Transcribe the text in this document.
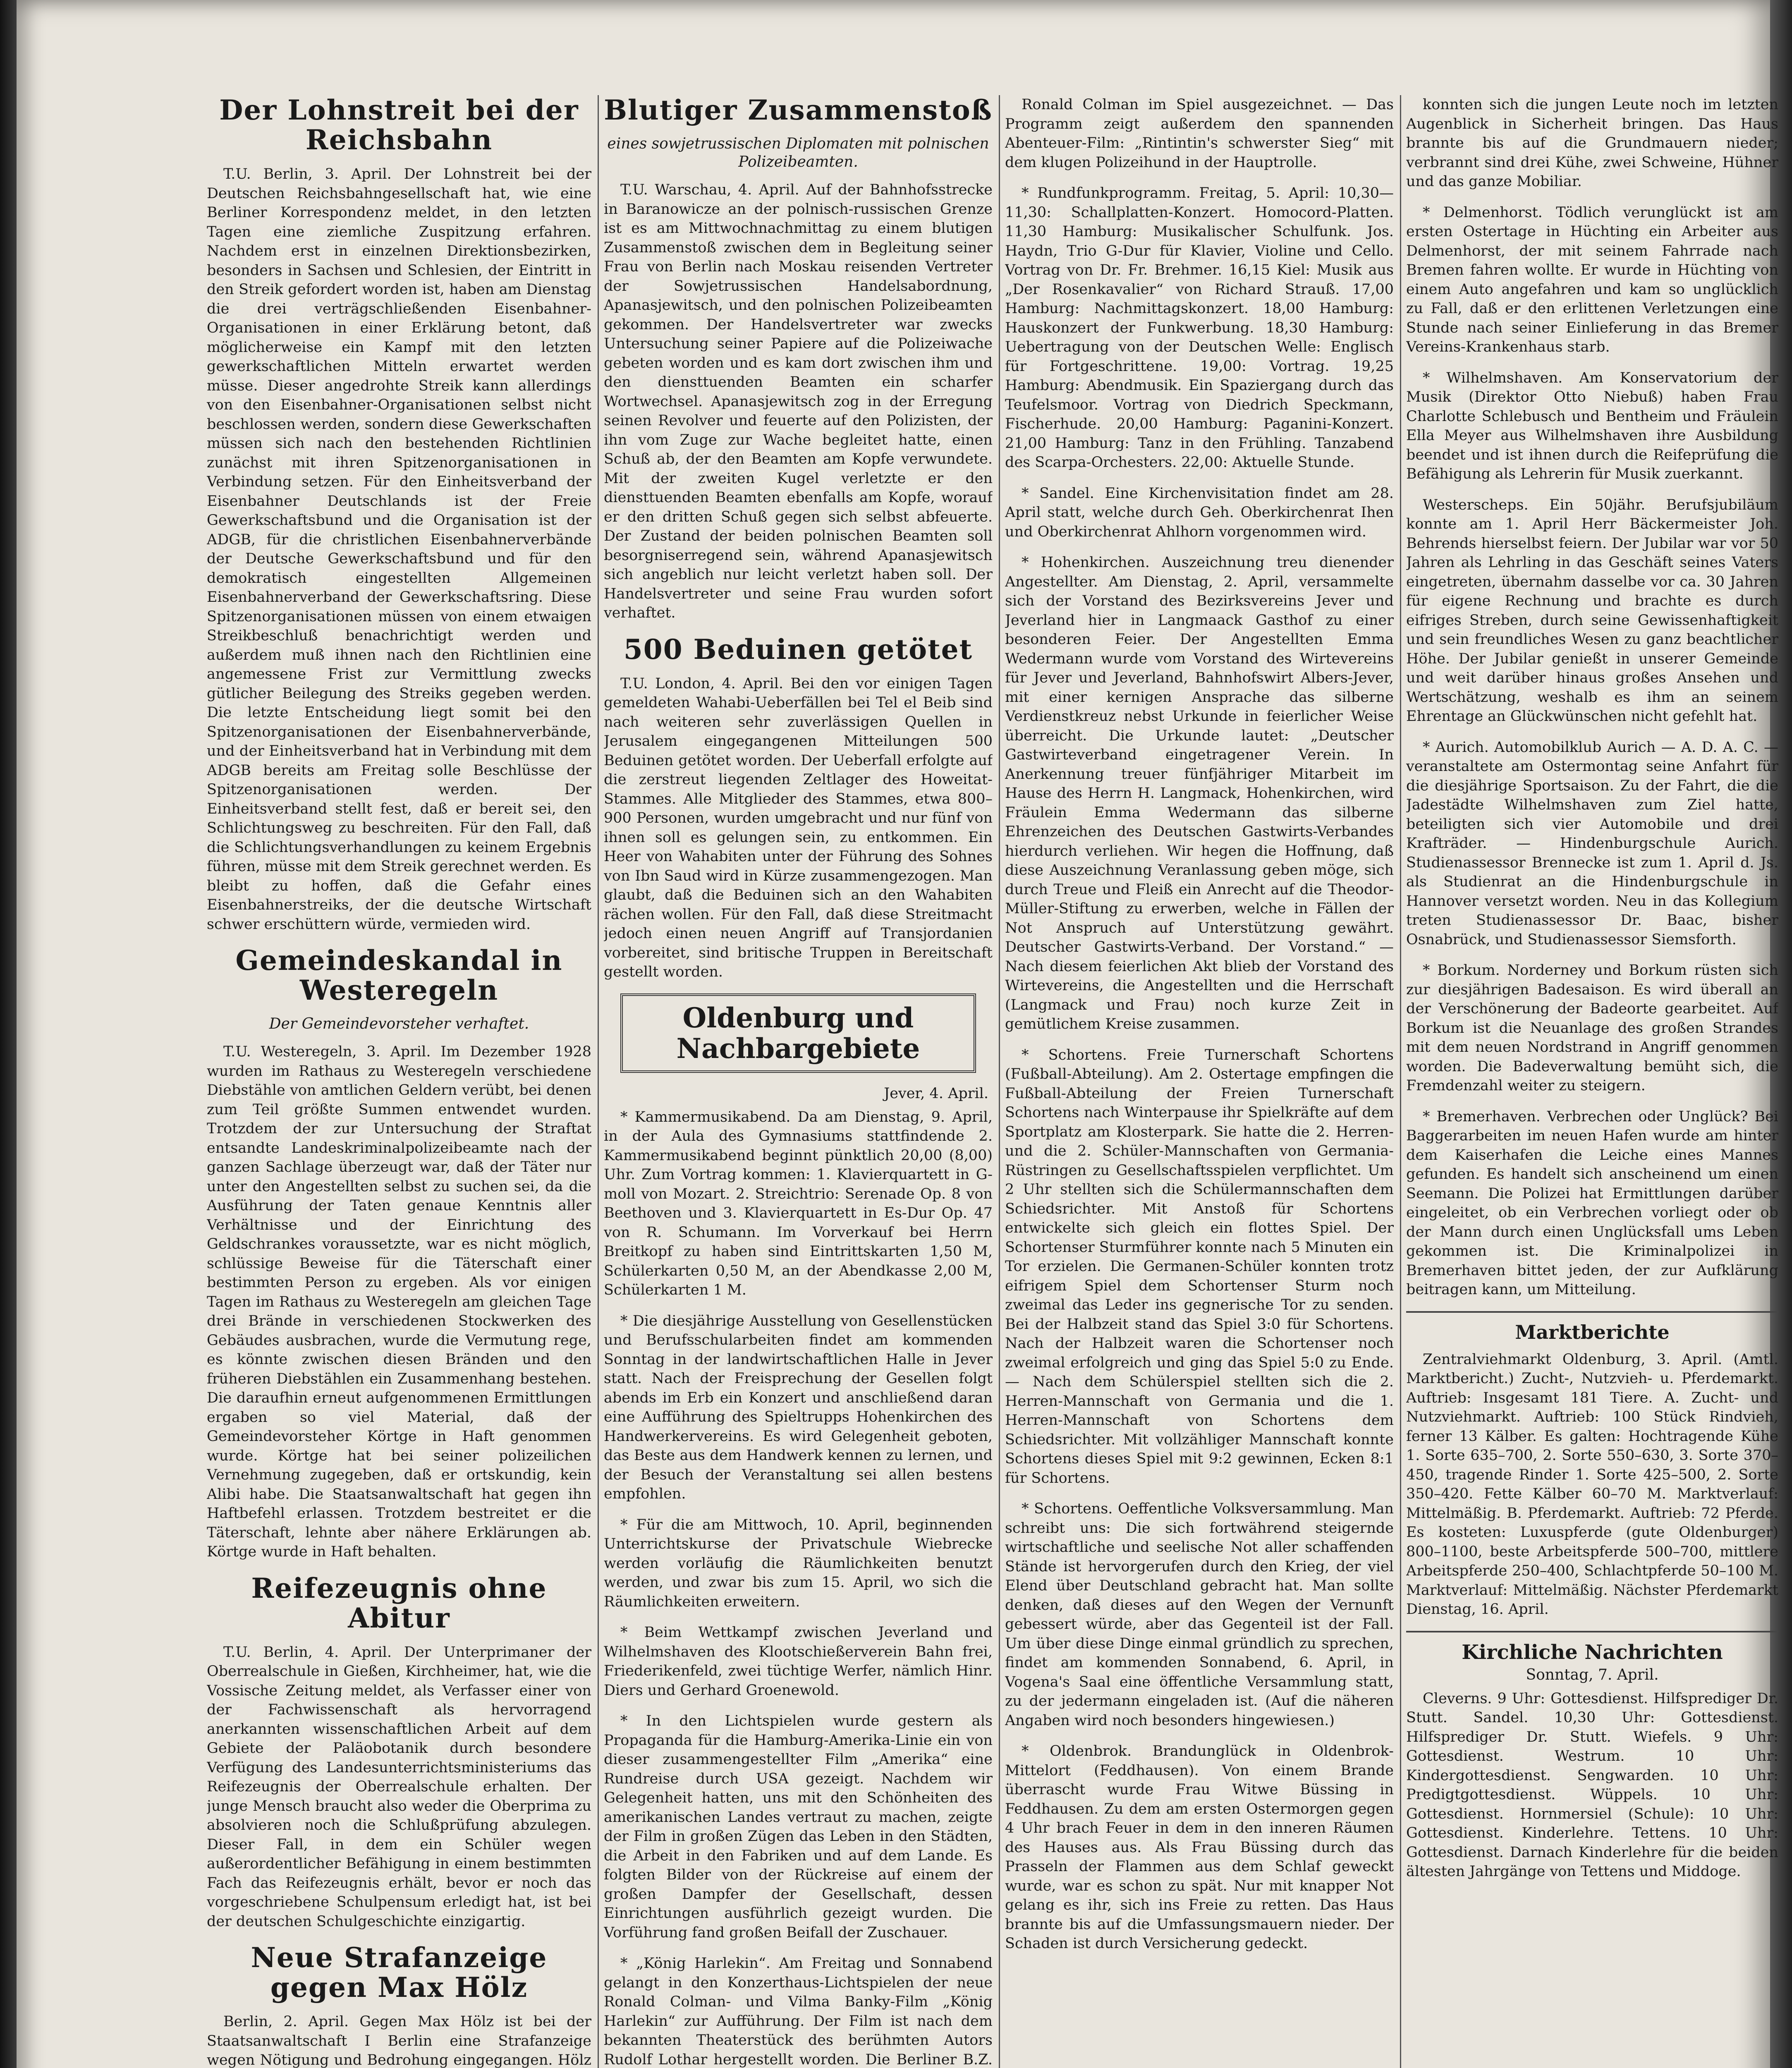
Der Lohnstreit bei der Reichsbahn
T.U. Berlin, 3. April. Der Lohnstreit bei der Deutschen Reichsbahngesellschaft hat, wie eine Berliner Korrespondenz meldet, in den letzten Tagen eine ziemliche Zuspitzung erfahren. Nachdem erst in einzelnen Direktionsbezirken, besonders in Sachsen und Schlesien, der Eintritt in den Streik gefordert worden ist, haben am Dienstag die drei verträgschließenden Eisenbahner-Organisationen in einer Erklärung betont, daß möglicherweise ein Kampf mit den letzten gewerkschaftlichen Mitteln erwartet werden müsse. Dieser angedrohte Streik kann allerdings von den Eisenbahner-Organisationen selbst nicht beschlossen werden, sondern diese Gewerkschaften müssen sich nach den bestehenden Richtlinien zunächst mit ihren Spitzenorganisationen in Verbindung setzen. Für den Einheitsverband der Eisenbahner Deutschlands ist der Freie Gewerkschaftsbund und die Organisation ist der ADGB, für die christlichen Eisenbahnerverbände der Deutsche Gewerkschaftsbund und für den demokratisch eingestellten Allgemeinen Eisenbahnerverband der Gewerkschaftsring. Diese Spitzenorganisationen müssen von einem etwaigen Streikbeschluß benachrichtigt werden und außerdem muß ihnen nach den Richtlinien eine angemessene Frist zur Vermittlung zwecks gütlicher Beilegung des Streiks gegeben werden. Die letzte Entscheidung liegt somit bei den Spitzenorganisationen der Eisenbahnerverbände, und der Einheitsverband hat in Verbindung mit dem ADGB bereits am Freitag solle Beschlüsse der Spitzenorganisationen werden. Der Einheitsverband stellt fest, daß er bereit sei, den Schlichtungsweg zu beschreiten. Für den Fall, daß die Schlichtungsverhandlungen zu keinem Ergebnis führen, müsse mit dem Streik gerechnet werden. Es bleibt zu hoffen, daß die Gefahr eines Eisenbahnerstreiks, der die deutsche Wirtschaft schwer erschüttern würde, vermieden wird.
Gemeindeskandal in Westeregeln
Der Gemeindevorsteher verhaftet.
T.U. Westeregeln, 3. April. Im Dezember 1928 wurden im Rathaus zu Westeregeln verschiedene Diebstähle von amtlichen Geldern verübt, bei denen zum Teil größte Summen entwendet wurden. Trotzdem der zur Untersuchung der Straftat entsandte Landeskriminalpolizeibeamte nach der ganzen Sachlage überzeugt war, daß der Täter nur unter den Angestellten selbst zu suchen sei, da die Ausführung der Taten genaue Kenntnis aller Verhältnisse und der Einrichtung des Geldschrankes voraussetzte, war es nicht möglich, schlüssige Beweise für die Täterschaft einer bestimmten Person zu ergeben. Als vor einigen Tagen im Rathaus zu Westeregeln am gleichen Tage drei Brände in verschiedenen Stockwerken des Gebäudes ausbrachen, wurde die Vermutung rege, es könnte zwischen diesen Bränden und den früheren Diebstählen ein Zusammenhang bestehen. Die daraufhin erneut aufgenommenen Ermittlungen ergaben so viel Material, daß der Gemeindevorsteher Körtge in Haft genommen wurde. Körtge hat bei seiner polizeilichen Vernehmung zugegeben, daß er ortskundig, kein Alibi habe. Die Staatsanwaltschaft hat gegen ihn Haftbefehl erlassen. Trotzdem bestreitet er die Täterschaft, lehnte aber nähere Erklärungen ab. Körtge wurde in Haft behalten.
Reifezeugnis ohne Abitur
T.U. Berlin, 4. April. Der Unterprimaner der Oberrealschule in Gießen, Kirchheimer, hat, wie die Vossische Zeitung meldet, als Verfasser einer von der Fachwissenschaft als hervorragend anerkannten wissenschaftlichen Arbeit auf dem Gebiete der Paläobotanik durch besondere Verfügung des Landesunterrichtsministeriums das Reifezeugnis der Oberrealschule erhalten. Der junge Mensch braucht also weder die Oberprima zu absolvieren noch die Schlußprüfung abzulegen. Dieser Fall, in dem ein Schüler wegen außerordentlicher Befähigung in einem bestimmten Fach das Reifezeugnis erhält, bevor er noch das vorgeschriebene Schulpensum erledigt hat, ist bei der deutschen Schulgeschichte einzigartig.
Neue Strafanzeige gegen Max Hölz
Berlin, 2. April. Gegen Max Hölz ist bei der Staatsanwaltschaft I Berlin eine Strafanzeige wegen Nötigung und Bedrohung eingegangen. Hölz
Blutiger Zusammenstoß
eines sowjetrussischen Diplomaten mit polnischen Polizeibeamten.
T.U. Warschau, 4. April. Auf der Bahnhofsstrecke in Baranowicze an der polnisch-russischen Grenze ist es am Mittwochnachmittag zu einem blutigen Zusammenstoß zwischen dem in Begleitung seiner Frau von Berlin nach Moskau reisenden Vertreter der Sowjetrussischen Handelsabordnung, Apanasjewitsch, und den polnischen Polizeibeamten gekommen. Der Handelsvertreter war zwecks Untersuchung seiner Papiere auf die Polizeiwache gebeten worden und es kam dort zwischen ihm und den diensttuenden Beamten ein scharfer Wortwechsel. Apanasjewitsch zog in der Erregung seinen Revolver und feuerte auf den Polizisten, der ihn vom Zuge zur Wache begleitet hatte, einen Schuß ab, der den Beamten am Kopfe verwundete. Mit der zweiten Kugel verletzte er den diensttuenden Beamten ebenfalls am Kopfe, worauf er den dritten Schuß gegen sich selbst abfeuerte. Der Zustand der beiden polnischen Beamten soll besorgniserregend sein, während Apanasjewitsch sich angeblich nur leicht verletzt haben soll. Der Handelsvertreter und seine Frau wurden sofort verhaftet.
500 Beduinen getötet
T.U. London, 4. April. Bei den vor einigen Tagen gemeldeten Wahabi-Ueberfällen bei Tel el Beib sind nach weiteren sehr zuverlässigen Quellen in Jerusalem eingegangenen Mitteilungen 500 Beduinen getötet worden. Der Ueberfall erfolgte auf die zerstreut liegenden Zeltlager des Howeitat-Stammes. Alle Mitglieder des Stammes, etwa 800–900 Personen, wurden umgebracht und nur fünf von ihnen soll es gelungen sein, zu entkommen. Ein Heer von Wahabiten unter der Führung des Sohnes von Ibn Saud wird in Kürze zusammengezogen. Man glaubt, daß die Beduinen sich an den Wahabiten rächen wollen. Für den Fall, daß diese Streitmacht jedoch einen neuen Angriff auf Transjordanien vorbereitet, sind britische Truppen in Bereitschaft gestellt worden.
Oldenburg und Nachbargebiete
Jever, 4. April.
* Kammermusikabend. Da am Dienstag, 9. April, in der Aula des Gymnasiums stattfindende 2. Kammermusikabend beginnt pünktlich 20,00 (8,00) Uhr. Zum Vortrag kommen: 1. Klavierquartett in G-moll von Mozart. 2. Streichtrio: Serenade Op. 8 von Beethoven und 3. Klavierquartett in Es-Dur Op. 47 von R. Schumann. Im Vorverkauf bei Herrn Breitkopf zu haben sind Eintrittskarten 1,50 M, Schülerkarten 0,50 M, an der Abendkasse 2,00 M, Schülerkarten 1 M.
* Die diesjährige Ausstellung von Gesellenstücken und Berufsschularbeiten findet am kommenden Sonntag in der landwirtschaftlichen Halle in Jever statt. Nach der Freisprechung der Gesellen folgt abends im Erb ein Konzert und anschließend daran eine Aufführung des Spieltrupps Hohenkirchen des Handwerkervereins. Es wird Gelegenheit geboten, das Beste aus dem Handwerk kennen zu lernen, und der Besuch der Veranstaltung sei allen bestens empfohlen.
* Für die am Mittwoch, 10. April, beginnenden Unterrichtskurse der Privatschule Wiebrecke werden vorläufig die Räumlichkeiten benutzt werden, und zwar bis zum 15. April, wo sich die Räumlichkeiten erweitern.
* Beim Wettkampf zwischen Jeverland und Wilhelmshaven des Klootschießerverein Bahn frei, Friederikenfeld, zwei tüchtige Werfer, nämlich Hinr. Diers und Gerhard Groenewold.
* In den Lichtspielen wurde gestern als Propaganda für die Hamburg-Amerika-Linie ein von dieser zusammengestellter Film „Amerika“ eine Rundreise durch USA gezeigt. Nachdem wir Gelegenheit hatten, uns mit den Schönheiten des amerikanischen Landes vertraut zu machen, zeigte der Film in großen Zügen das Leben in den Städten, die Arbeit in den Fabriken und auf dem Lande. Es folgten Bilder von der Rückreise auf einem der großen Dampfer der Gesellschaft, dessen Einrichtungen ausführlich gezeigt wurden. Die Vorführung fand großen Beifall der Zuschauer.
* „König Harlekin“. Am Freitag und Sonnabend gelangt in den Konzerthaus-Lichtspielen der neue Ronald Colman- und Vilma Banky-Film „König Harlekin“ zur Aufführung. Der Film ist nach dem bekannten Theaterstück des berühmten Autors Rudolf Lothar hergestellt worden. Die Berliner B.Z.
Ronald Colman im Spiel ausgezeichnet. — Das Programm zeigt außerdem den spannenden Abenteuer-Film: „Rintintin's schwerster Sieg“ mit dem klugen Polizeihund in der Hauptrolle.
* Rundfunkprogramm. Freitag, 5. April: 10,30—11,30: Schallplatten-Konzert. Homocord-Platten. 11,30 Hamburg: Musikalischer Schulfunk. Jos. Haydn, Trio G-Dur für Klavier, Violine und Cello. Vortrag von Dr. Fr. Brehmer. 16,15 Kiel: Musik aus „Der Rosenkavalier“ von Richard Strauß. 17,00 Hamburg: Nachmittagskonzert. 18,00 Hamburg: Hauskonzert der Funkwerbung. 18,30 Hamburg: Uebertragung von der Deutschen Welle: Englisch für Fortgeschrittene. 19,00: Vortrag. 19,25 Hamburg: Abendmusik. Ein Spaziergang durch das Teufelsmoor. Vortrag von Diedrich Speckmann, Fischerhude. 20,00 Hamburg: Paganini-Konzert. 21,00 Hamburg: Tanz in den Frühling. Tanzabend des Scarpa-Orchesters. 22,00: Aktuelle Stunde.
* Sandel. Eine Kirchenvisitation findet am 28. April statt, welche durch Geh. Oberkirchenrat Ihen und Oberkirchenrat Ahlhorn vorgenommen wird.
* Hohenkirchen. Auszeichnung treu dienender Angestellter. Am Dienstag, 2. April, versammelte sich der Vorstand des Bezirksvereins Jever und Jeverland hier in Langmaack Gasthof zu einer besonderen Feier. Der Angestellten Emma Wedermann wurde vom Vorstand des Wirtevereins für Jever und Jeverland, Bahnhofswirt Albers-Jever, mit einer kernigen Ansprache das silberne Verdienstkreuz nebst Urkunde in feierlicher Weise überreicht. Die Urkunde lautet: „Deutscher Gastwirteverband eingetragener Verein. In Anerkennung treuer fünfjähriger Mitarbeit im Hause des Herrn H. Langmack, Hohenkirchen, wird Fräulein Emma Wedermann das silberne Ehrenzeichen des Deutschen Gastwirts-Verbandes hierdurch verliehen. Wir hegen die Hoffnung, daß diese Auszeichnung Veranlassung geben möge, sich durch Treue und Fleiß ein Anrecht auf die Theodor-Müller-Stiftung zu erwerben, welche in Fällen der Not Anspruch auf Unterstützung gewährt. Deutscher Gastwirts-Verband. Der Vorstand.“ — Nach diesem feierlichen Akt blieb der Vorstand des Wirtevereins, die Angestellten und die Herrschaft (Langmack und Frau) noch kurze Zeit in gemütlichem Kreise zusammen.
* Schortens. Freie Turnerschaft Schortens (Fußball-Abteilung). Am 2. Ostertage empfingen die Fußball-Abteilung der Freien Turnerschaft Schortens nach Winterpause ihr Spielkräfte auf dem Sportplatz am Klosterpark. Sie hatte die 2. Herren- und die 2. Schüler-Mannschaften von Germania-Rüstringen zu Gesellschaftsspielen verpflichtet. Um 2 Uhr stellten sich die Schülermannschaften dem Schiedsrichter. Mit Anstoß für Schortens entwickelte sich gleich ein flottes Spiel. Der Schortenser Sturmführer konnte nach 5 Minuten ein Tor erzielen. Die Germanen-Schüler konnten trotz eifrigem Spiel dem Schortenser Sturm noch zweimal das Leder ins gegnerische Tor zu senden. Bei der Halbzeit stand das Spiel 3:0 für Schortens. Nach der Halbzeit waren die Schortenser noch zweimal erfolgreich und ging das Spiel 5:0 zu Ende. — Nach dem Schülerspiel stellten sich die 2. Herren-Mannschaft von Germania und die 1. Herren-Mannschaft von Schortens dem Schiedsrichter. Mit vollzähliger Mannschaft konnte Schortens dieses Spiel mit 9:2 gewinnen, Ecken 8:1 für Schortens.
* Schortens. Oeffentliche Volksversammlung. Man schreibt uns: Die sich fortwährend steigernde wirtschaftliche und seelische Not aller schaffenden Stände ist hervorgerufen durch den Krieg, der viel Elend über Deutschland gebracht hat. Man sollte denken, daß dieses auf den Wegen der Vernunft gebessert würde, aber das Gegenteil ist der Fall. Um über diese Dinge einmal gründlich zu sprechen, findet am kommenden Sonnabend, 6. April, in Vogena's Saal eine öffentliche Versammlung statt, zu der jedermann eingeladen ist. (Auf die näheren Angaben wird noch besonders hingewiesen.)
* Oldenbrok. Brandunglück in Oldenbrok-Mittelort (Feddhausen). Von einem Brande überrascht wurde Frau Witwe Büssing in Feddhausen. Zu dem am ersten Ostermorgen gegen 4 Uhr brach Feuer in dem in den inneren Räumen des Hauses aus. Als Frau Büssing durch das Prasseln der Flammen aus dem Schlaf geweckt wurde, war es schon zu spät. Nur mit knapper Not gelang es ihr, sich ins Freie zu retten. Das Haus brannte bis auf die Umfassungsmauern nieder. Der Schaden ist durch Versicherung gedeckt.
konnten sich die jungen Leute noch im letzten Augenblick in Sicherheit bringen. Das Haus brannte bis auf die Grundmauern nieder; verbrannt sind drei Kühe, zwei Schweine, Hühner und das ganze Mobiliar.
* Delmenhorst. Tödlich verunglückt ist am ersten Ostertage in Hüchting ein Arbeiter aus Delmenhorst, der mit seinem Fahrrade nach Bremen fahren wollte. Er wurde in Hüchting von einem Auto angefahren und kam so unglücklich zu Fall, daß er den erlittenen Verletzungen eine Stunde nach seiner Einlieferung in das Bremer Vereins-Krankenhaus starb.
* Wilhelmshaven. Am Konservatorium der Musik (Direktor Otto Niebuß) haben Frau Charlotte Schlebusch und Bentheim und Fräulein Ella Meyer aus Wilhelmshaven ihre Ausbildung beendet und ist ihnen durch die Reifeprüfung die Befähigung als Lehrerin für Musik zuerkannt.
Westerscheps. Ein 50jähr. Berufsjubiläum konnte am 1. April Herr Bäckermeister Joh. Behrends hierselbst feiern. Der Jubilar war vor 50 Jahren als Lehrling in das Geschäft seines Vaters eingetreten, übernahm dasselbe vor ca. 30 Jahren für eigene Rechnung und brachte es durch eifriges Streben, durch seine Gewissenhaftigkeit und sein freundliches Wesen zu ganz beachtlicher Höhe. Der Jubilar genießt in unserer Gemeinde und weit darüber hinaus großes Ansehen und Wertschätzung, weshalb es ihm an seinem Ehrentage an Glückwünschen nicht gefehlt hat.
* Aurich. Automobilklub Aurich — A. D. A. C. — veranstaltete am Ostermontag seine Anfahrt für die diesjährige Sportsaison. Zu der Fahrt, die die Jadestädte Wilhelmshaven zum Ziel hatte, beteiligten sich vier Automobile und drei Krafträder. — Hindenburgschule Aurich. Studienassessor Brennecke ist zum 1. April d. Js. als Studienrat an die Hindenburgschule in Hannover versetzt worden. Neu in das Kollegium treten Studienassessor Dr. Baac, bisher Osnabrück, und Studienassessor Siemsforth.
* Borkum. Norderney und Borkum rüsten sich zur diesjährigen Badesaison. Es wird überall an der Verschönerung der Badeorte gearbeitet. Auf Borkum ist die Neuanlage des großen Strandes mit dem neuen Nordstrand in Angriff genommen worden. Die Badeverwaltung bemüht sich, die Fremdenzahl weiter zu steigern.
* Bremerhaven. Verbrechen oder Unglück? Bei Baggerarbeiten im neuen Hafen wurde am hinter dem Kaiserhafen die Leiche eines Mannes gefunden. Es handelt sich anscheinend um einen Seemann. Die Polizei hat Ermittlungen darüber eingeleitet, ob ein Verbrechen vorliegt oder ob der Mann durch einen Unglücksfall ums Leben gekommen ist. Die Kriminalpolizei in Bremerhaven bittet jeden, der zur Aufklärung beitragen kann, um Mitteilung.
Marktberichte
Zentralviehmarkt Oldenburg, 3. April. (Amtl. Marktbericht.) Zucht-, Nutzvieh- u. Pferdemarkt. Auftrieb: Insgesamt 181 Tiere. A. Zucht- und Nutzviehmarkt. Auftrieb: 100 Stück Rindvieh, ferner 13 Kälber. Es galten: Hochtragende Kühe 1. Sorte 635–700, 2. Sorte 550–630, 3. Sorte 370–450, tragende Rinder 1. Sorte 425–500, 2. Sorte 350–420. Fette Kälber 60–70 M. Marktverlauf: Mittelmäßig. B. Pferdemarkt. Auftrieb: 72 Pferde. Es kosteten: Luxuspferde (gute Oldenburger) 800–1100, beste Arbeitspferde 500–700, mittlere Arbeitspferde 250–400, Schlachtpferde 50–100 M. Marktverlauf: Mittelmäßig. Nächster Pferdemarkt Dienstag, 16. April.
Kirchliche Nachrichten
Sonntag, 7. April.
Cleverns. 9 Uhr: Gottesdienst. Hilfsprediger Dr. Stutt. Sandel. 10,30 Uhr: Gottesdienst. Hilfsprediger Dr. Stutt. Wiefels. 9 Uhr: Gottesdienst. Westrum. 10 Uhr: Kindergottesdienst. Sengwarden. 10 Uhr: Predigtgottesdienst. Wüppels. 10 Uhr: Gottesdienst. Hornmersiel (Schule): 10 Uhr: Gottesdienst. Kinderlehre. Tettens. 10 Uhr: Gottesdienst. Darnach Kinderlehre für die beiden ältesten Jahrgänge von Tettens und Middoge.
